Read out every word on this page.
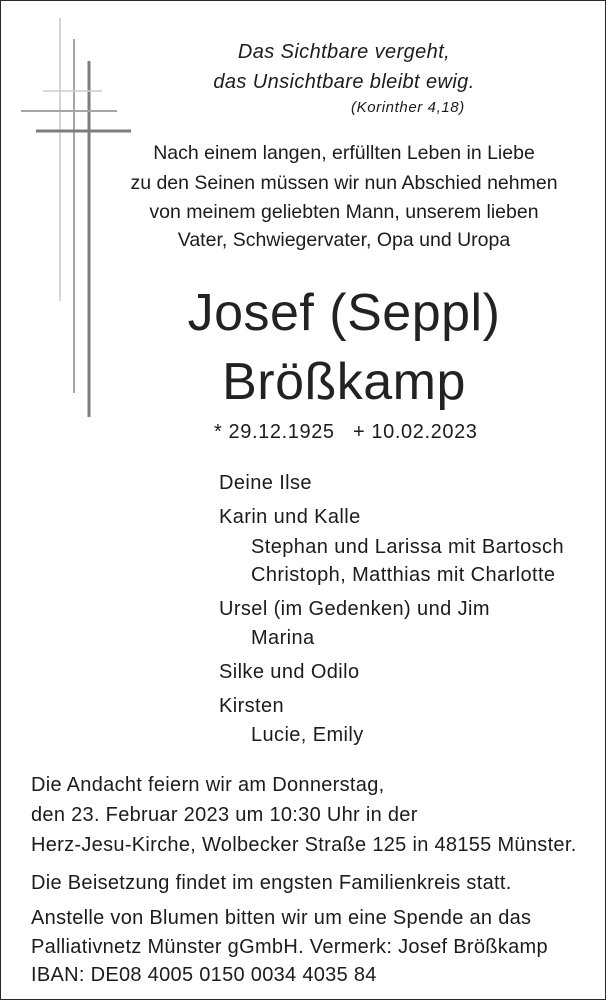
Das Sichtbare vergeht,
das Unsichtbare bleibt ewig.
(Korinther 4,18)
Nach einem langen, erfüllten Leben in Liebe
zu den Seinen müssen wir nun Abschied nehmen
von meinem geliebten Mann, unserem lieben
Vater, Schwiegervater, Opa und Uropa
Josef (Seppl)
Brößkamp
* 29.12.1925 + 10.02.2023
Deine Ilse
Karin und Kalle
Stephan und Larissa mit Bartosch
Christoph, Matthias mit Charlotte
Ursel (im Gedenken) und Jim
Marina
Silke und Odilo
Kirsten
Lucie, Emily
Die Andacht feiern wir am Donnerstag,
den 23. Februar 2023 um 10:30 Uhr in der
Herz-Jesu-Kirche, Wolbecker Straße 125 in 48155 Münster.
Die Beisetzung findet im engsten Familienkreis statt.
Anstelle von Blumen bitten wir um eine Spende an das
Palliativnetz Münster gGmbH. Vermerk: Josef Brößkamp
IBAN: DE08 4005 0150 0034 4035 84
